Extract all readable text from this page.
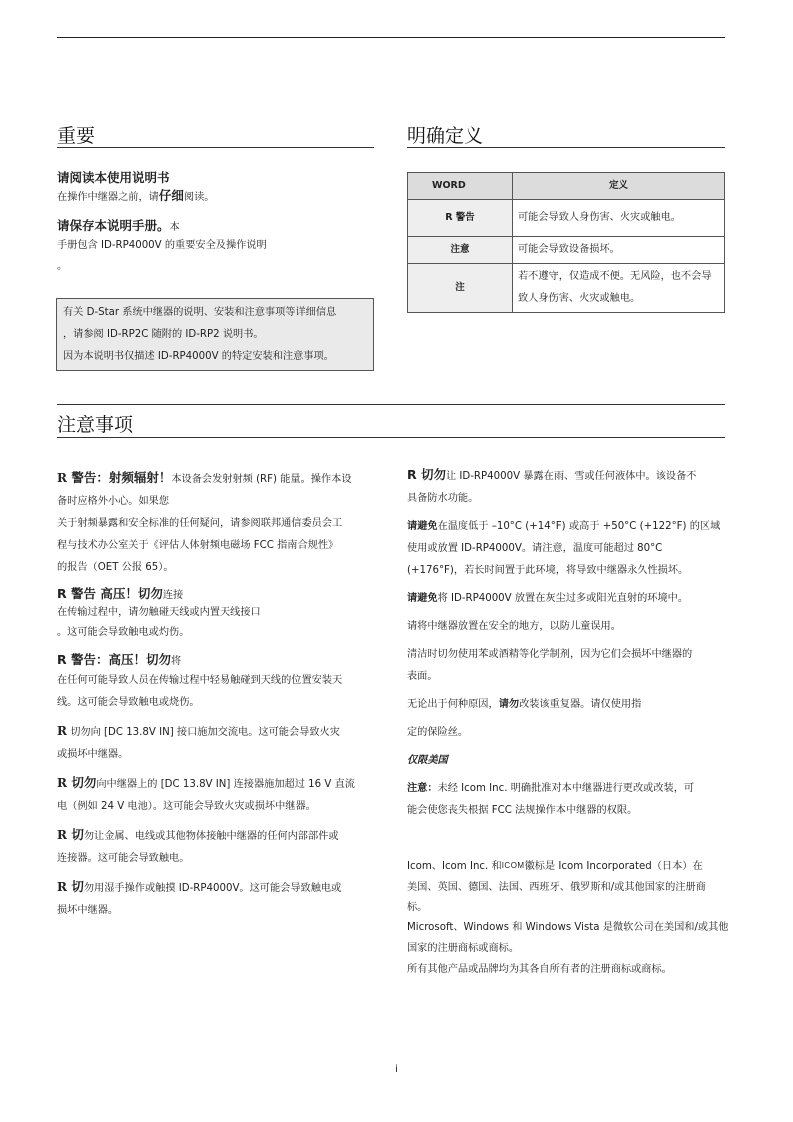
重要	明确定义

请阅读本使用说明书

在操作中继器之前，请仔细阅读。

请保存本说明手册。本

手册包含 ID-RP4000V 的重要安全及操作说明

。

有关 D-Star 系统中继器的说明、安装和注意事项等详细信息

，请参阅 ID-RP2C 随附的 ID-RP2 说明书。

因为本说明书仅描述 ID-RP4000V 的特定安装和注意事项。

WORD	定义
R 警告	可能会导致人身伤害、火灾或触电。
注意	可能会导致设备损坏。
注	若不遵守，仅造成不便。无风险，也不会导
致人身伤害、火灾或触电。
注意事项

R 警告：射频辐射！本设备会发射射频 (RF) 能量。操作本设

备时应格外小心。如果您

关于射频暴露和安全标准的任何疑问，请参阅联邦通信委员会工

程与技术办公室关于《评估人体射频电磁场 FCC 指南合规性》

的报告（OET 公报 65）。

R 警告 高压！切勿连接

在传输过程中，请勿触碰天线或内置天线接口

。这可能会导致触电或灼伤。

R 警告：高压！切勿将

在任何可能导致人员在传输过程中轻易触碰到天线的位置安装天

线。这可能会导致触电或烧伤。

R 切勿向 [DC 13.8V IN] 接口施加交流电。这可能会导致火灾

或损坏中继器。

R 切勿向中继器上的 [DC 13.8V IN] 连接器施加超过 16 V 直流

电（例如 24 V 电池）。这可能会导致火灾或损坏中继器。

R 切勿让金属、电线或其他物体接触中继器的任何内部部件或

连接器。这可能会导致触电。

R 切勿用湿手操作或触摸 ID-RP4000V。这可能会导致触电或

损坏中继器。

R 切勿让 ID-RP4000V 暴露在雨、雪或任何液体中。该设备不

具备防水功能。

请避免在温度低于 –10°C (+14°F) 或高于 +50°C (+122°F) 的区域

使用或放置 ID-RP4000V。请注意，温度可能超过 80°C

(+176°F)，若长时间置于此环境，将导致中继器永久性损坏。

请避免将 ID-RP4000V 放置在灰尘过多或阳光直射的环境中。

请将中继器放置在安全的地方，以防儿童误用。

清洁时切勿使用苯或酒精等化学制剂，因为它们会损坏中继器的

表面。

无论出于何种原因，请勿改装该重复器。请仅使用指

定的保险丝。

仅限美国

注意：未经 Icom Inc. 明确批准对本中继器进行更改或改装，可

能会使您丧失根据 FCC 法规操作本中继器的权限。

Icom、Icom Inc. 和ICOM徽标是 Icom Incorporated（日本）在

美国、英国、德国、法国、西班牙、俄罗斯和/或其他国家的注册商

标。

Microsoft、Windows 和 Windows Vista 是微软公司在美国和/或其他

国家的注册商标或商标。

所有其他产品或品牌均为其各自所有者的注册商标或商标。

i
